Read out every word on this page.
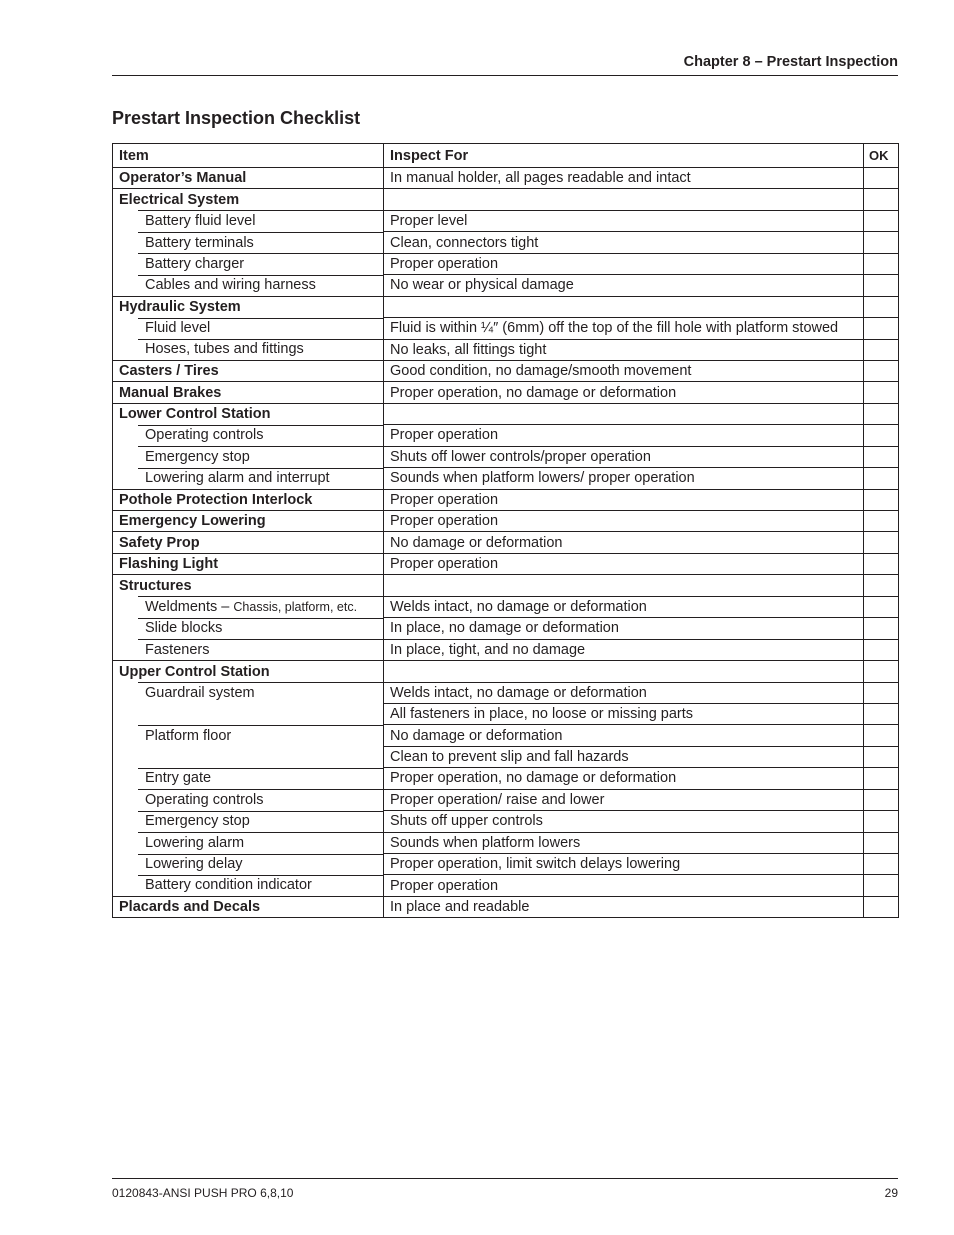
Chapter 8 – Prestart Inspection
Prestart Inspection Checklist
Item	Inspect For	OK
Operator’s Manual	In manual holder, all pages readable and intact	
Electrical System		
Battery fluid level	Proper level	
Battery terminals	Clean, connectors tight	
Battery charger	Proper operation	
Cables and wiring harness	No wear or physical damage	
Hydraulic System		
Fluid level	Fluid is within ¼″ (6mm) off the top of the fill hole with platform stowed	
Hoses, tubes and fittings	No leaks, all fittings tight	
Casters / Tires	Good condition, no damage/smooth movement	
Manual Brakes	Proper operation, no damage or deformation	
Lower Control Station		
Operating controls	Proper operation	
Emergency stop	Shuts off lower controls/proper operation	
Lowering alarm and interrupt	Sounds when platform lowers/ proper operation	
Pothole Protection Interlock	Proper operation	
Emergency Lowering	Proper operation	
Safety Prop	No damage or deformation	
Flashing Light	Proper operation	
Structures		
Weldments – Chassis, platform, etc.	Welds intact, no damage or deformation	
Slide blocks	In place, no damage or deformation	
Fasteners	In place, tight, and no damage	
Upper Control Station		
Guardrail system	Welds intact, no damage or deformation	
	All fasteners in place, no loose or missing parts	
Platform floor	No damage or deformation	
	Clean to prevent slip and fall hazards	
Entry gate	Proper operation, no damage or deformation	
Operating controls	Proper operation/ raise and lower	
Emergency stop	Shuts off upper controls	
Lowering alarm	Sounds when platform lowers	
Lowering delay	Proper operation, limit switch delays lowering	
Battery condition indicator	Proper operation	
Placards and Decals	In place and readable	
0120843-ANSI PUSH PRO 6,8,10	29
